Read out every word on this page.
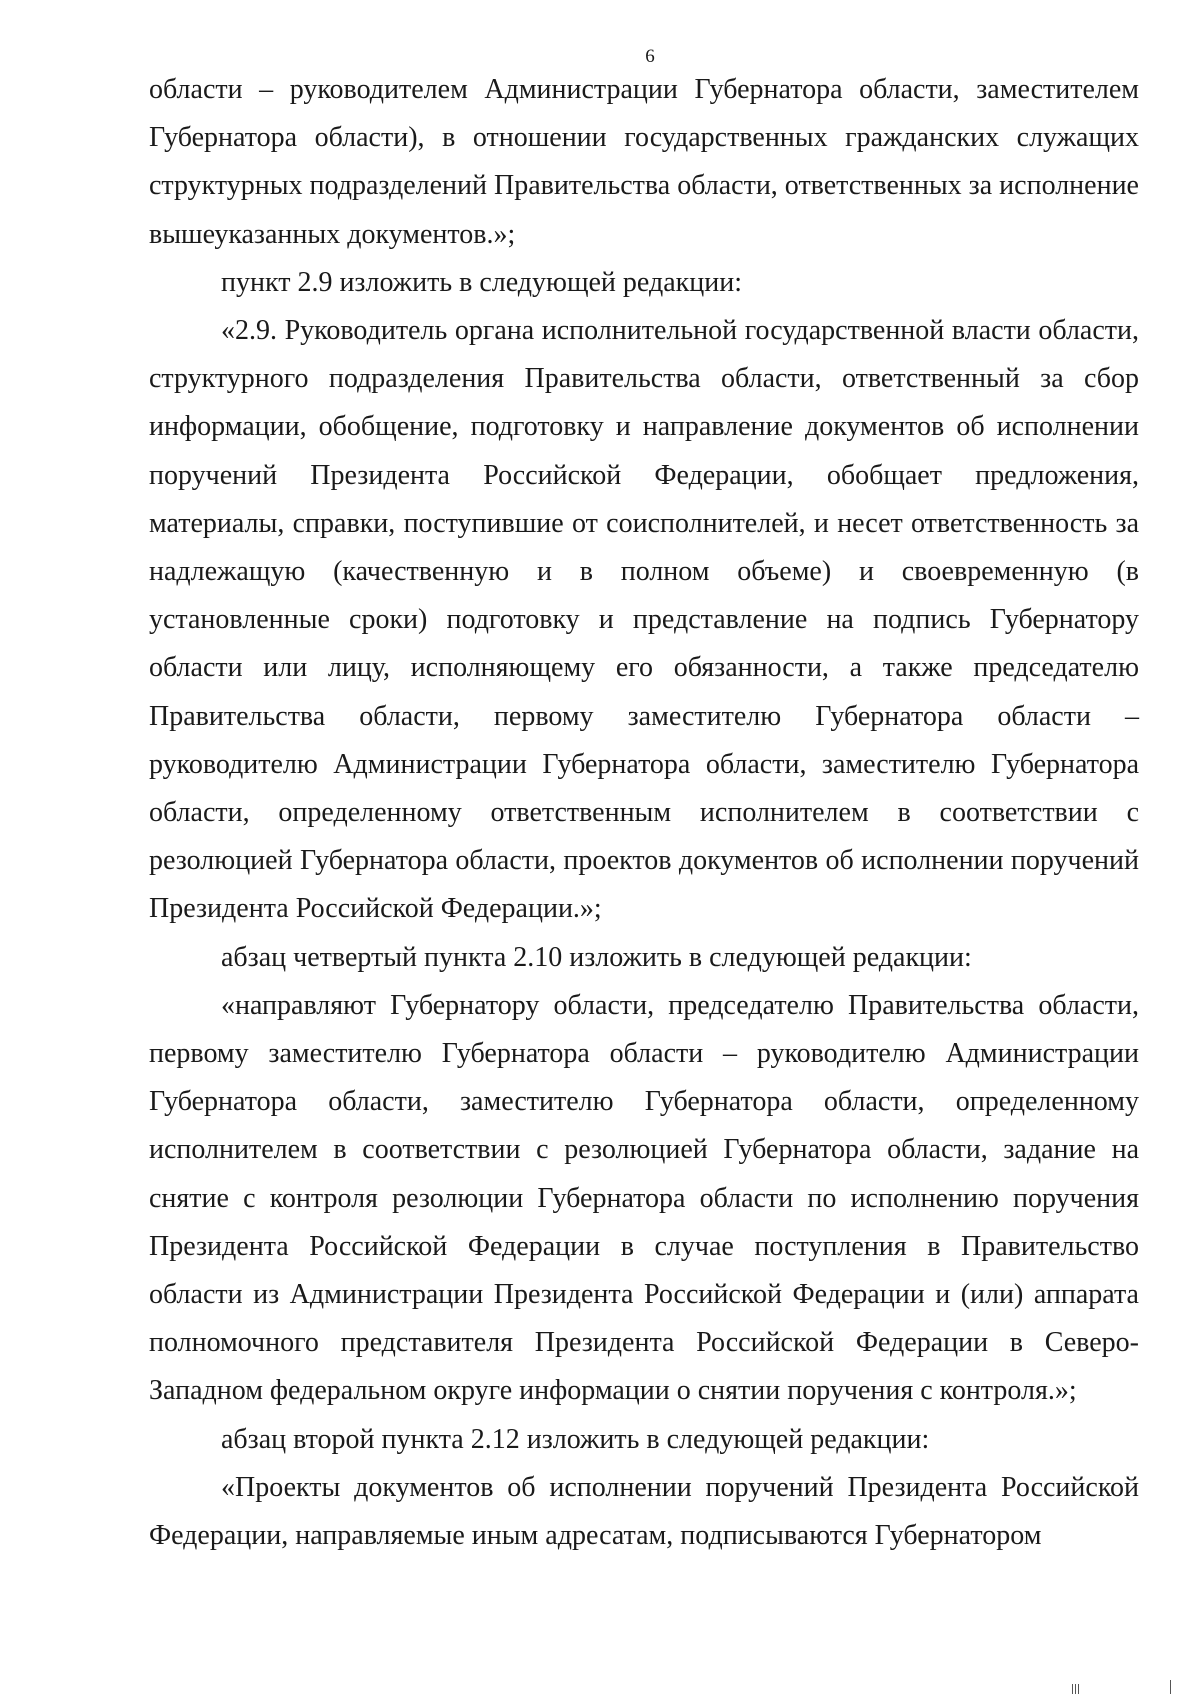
6

области – руководителем Администрации Губернатора области, заместителем Губернатора области), в отношении государственных гражданских служащих структурных подразделений Правительства области, ответственных за исполнение вышеуказанных документов.»;

пункт 2.9 изложить в следующей редакции:

«2.9. Руководитель органа исполнительной государственной власти области, структурного подразделения Правительства области, ответственный за сбор информации, обобщение, подготовку и направление документов об исполнении поручений Президента Российской Федерации, обобщает предложения, материалы, справки, поступившие от соисполнителей, и несет ответственность за надлежащую (качественную и в полном объеме) и своевременную (в установленные сроки) подготовку и представление на подпись Губернатору области или лицу, исполняющему его обязанности, а также председателю Правительства области, первому заместителю Губернатора области – руководителю Администрации Губернатора области, заместителю Губернатора области, определенному ответственным исполнителем в соответствии с резолюцией Губернатора области, проектов документов об исполнении поручений Президента Российской Федерации.»;

абзац четвертый пункта 2.10 изложить в следующей редакции:

«направляют Губернатору области, председателю Правительства области, первому заместителю Губернатора области – руководителю Администрации Губернатора области, заместителю Губернатора области, определенному исполнителем в соответствии с резолюцией Губернатора области, задание на снятие с контроля резолюции Губернатора области по исполнению поручения Президента Российской Федерации в случае поступления в Правительство области из Администрации Президента Российской Федерации и (или) аппарата полномочного представителя Президента Российской Федерации в Северо-Западном федеральном округе информации о снятии поручения с контроля.»;

абзац второй пункта 2.12 изложить в следующей редакции:

«Проекты документов об исполнении поручений Президента Российской Федерации, направляемые иным адресатам, подписываются Губернатором
